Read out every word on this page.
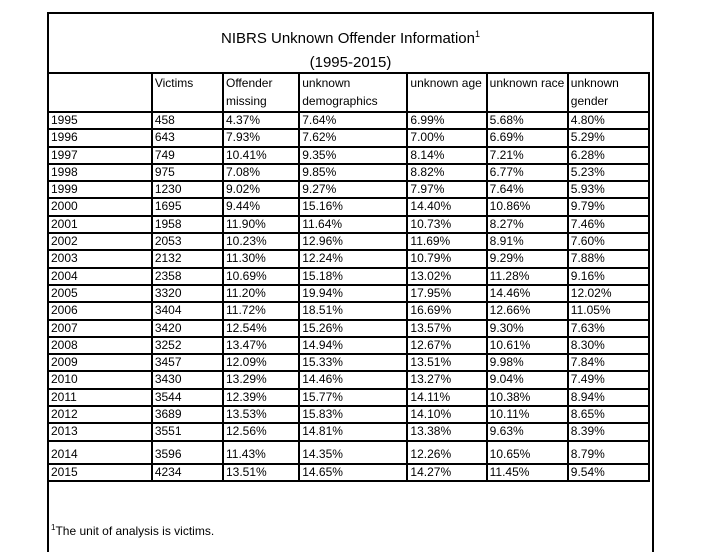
NIBRS Unknown Offender Information$^1$
(1995-2015)
	Victims	Offender missing	unknown demographics	unknown age	unknown race	unknown gender
1995	458	4.37%	7.64%	6.99%	5.68%	4.80%
1996	643	7.93%	7.62%	7.00%	6.69%	5.29%
1997	749	10.41%	9.35%	8.14%	7.21%	6.28%
1998	975	7.08%	9.85%	8.82%	6.77%	5.23%
1999	1230	9.02%	9.27%	7.97%	7.64%	5.93%
2000	1695	9.44%	15.16%	14.40%	10.86%	9.79%
2001	1958	11.90%	11.64%	10.73%	8.27%	7.46%
2002	2053	10.23%	12.96%	11.69%	8.91%	7.60%
2003	2132	11.30%	12.24%	10.79%	9.29%	7.88%
2004	2358	10.69%	15.18%	13.02%	11.28%	9.16%
2005	3320	11.20%	19.94%	17.95%	14.46%	12.02%
2006	3404	11.72%	18.51%	16.69%	12.66%	11.05%
2007	3420	12.54%	15.26%	13.57%	9.30%	7.63%
2008	3252	13.47%	14.94%	12.67%	10.61%	8.30%
2009	3457	12.09%	15.33%	13.51%	9.98%	7.84%
2010	3430	13.29%	14.46%	13.27%	9.04%	7.49%
2011	3544	12.39%	15.77%	14.11%	10.38%	8.94%
2012	3689	13.53%	15.83%	14.10%	10.11%	8.65%
2013	3551	12.56%	14.81%	13.38%	9.63%	8.39%
2014	3596	11.43%	14.35%	12.26%	10.65%	8.79%
2015	4234	13.51%	14.65%	14.27%	11.45%	9.54%
$^1$The unit of analysis is victims.
